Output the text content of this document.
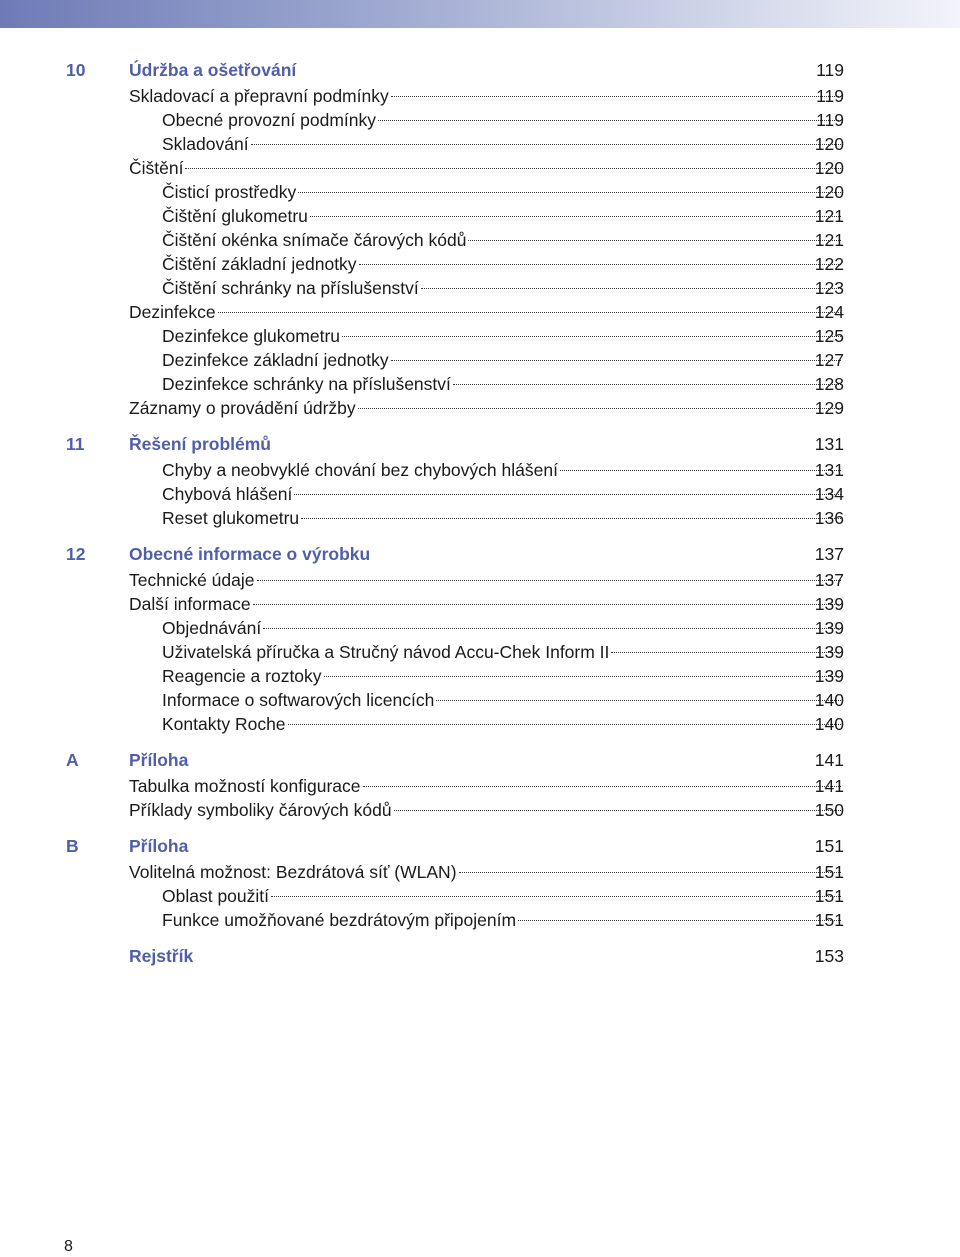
10 Údržba a ošetřování	119
Skladovací a přepravní podmínky	119
Obecné provozní podmínky	119
Skladování	120
Čištění	120
Čisticí prostředky	120
Čištění glukometru	121
Čištění okénka snímače čárových kódů	121
Čištění základní jednotky	122
Čištění schránky na příslušenství	123
Dezinfekce	124
Dezinfekce glukometru	125
Dezinfekce základní jednotky	127
Dezinfekce schránky na příslušenství	128
Záznamy o provádění údržby	129
11	Řešení problémů	131
Chyby a neobvyklé chování bez chybových hlášení	131
Chybová hlášení	134
Reset glukometru	136
12 Obecné informace o výrobku	137
Technické údaje	137
Další informace	139
Objednávání	139
Uživatelská příručka a Stručný návod Accu-Chek Inform II	139
Reagencie a roztoky	139
Informace o softwarových licencích	140
Kontakty Roche	140
A	Příloha	141
Tabulka možností konfigurace	141
Příklady symboliky čárových kódů	150
B	Příloha	151
Volitelná možnost: Bezdrátová síť (WLAN)	151
Oblast použití	151
Funkce umožňované bezdrátovým připojením	151
Rejstřík	153
8
